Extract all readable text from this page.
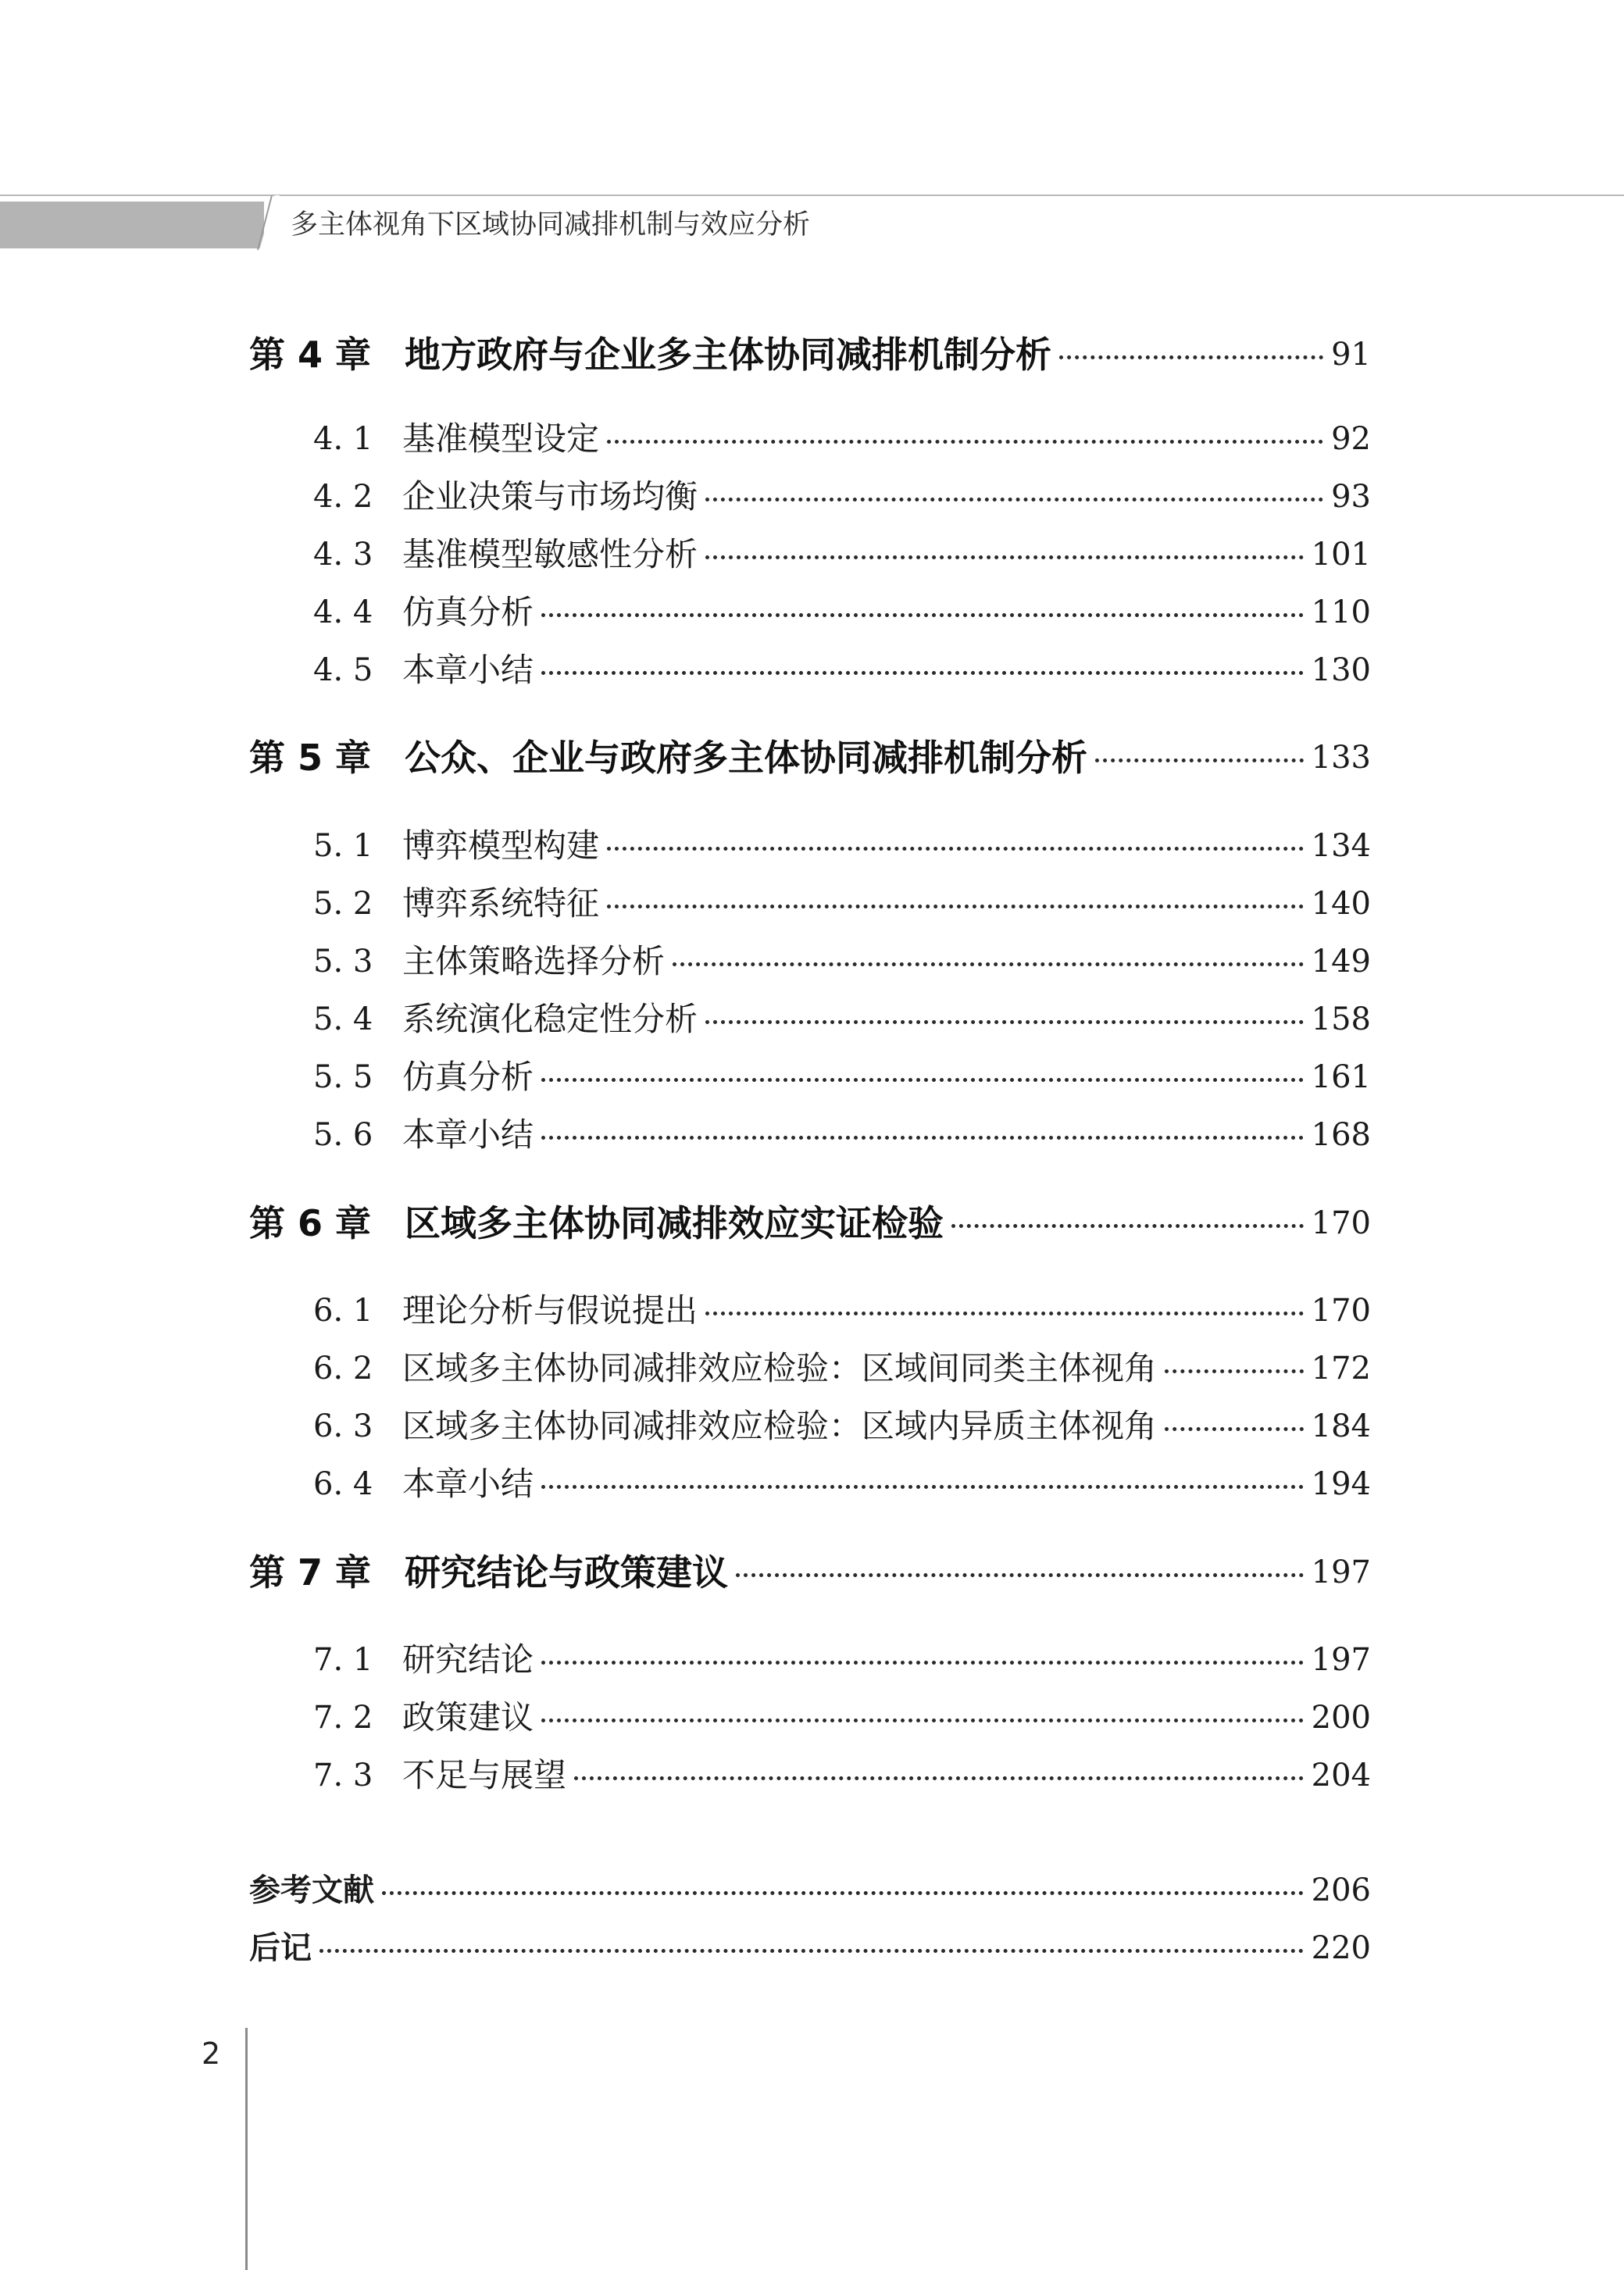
多主体视角下区域协同减排机制与效应分析
第 4 章 地方政府与企业多主体协同减排机制分析	91
4. 1 基准模型设定	92
4. 2 企业决策与市场均衡	93
4. 3 基准模型敏感性分析	101
4. 4 仿真分析	110
4. 5 本章小结	130
第 5 章 公众、企业与政府多主体协同减排机制分析	133
5. 1 博弈模型构建	134
5. 2 博弈系统特征	140
5. 3 主体策略选择分析	149
5. 4 系统演化稳定性分析	158
5. 5 仿真分析	161
5. 6 本章小结	168
第 6 章 区域多主体协同减排效应实证检验	170
6. 1 理论分析与假说提出	170
6. 2 区域多主体协同减排效应检验：区域间同类主体视角	172
6. 3 区域多主体协同减排效应检验：区域内异质主体视角	184
6. 4 本章小结	194
第 7 章 研究结论与政策建议	197
7. 1 研究结论	197
7. 2 政策建议	200
7. 3 不足与展望	204
参考文献	206
后记	220
2
